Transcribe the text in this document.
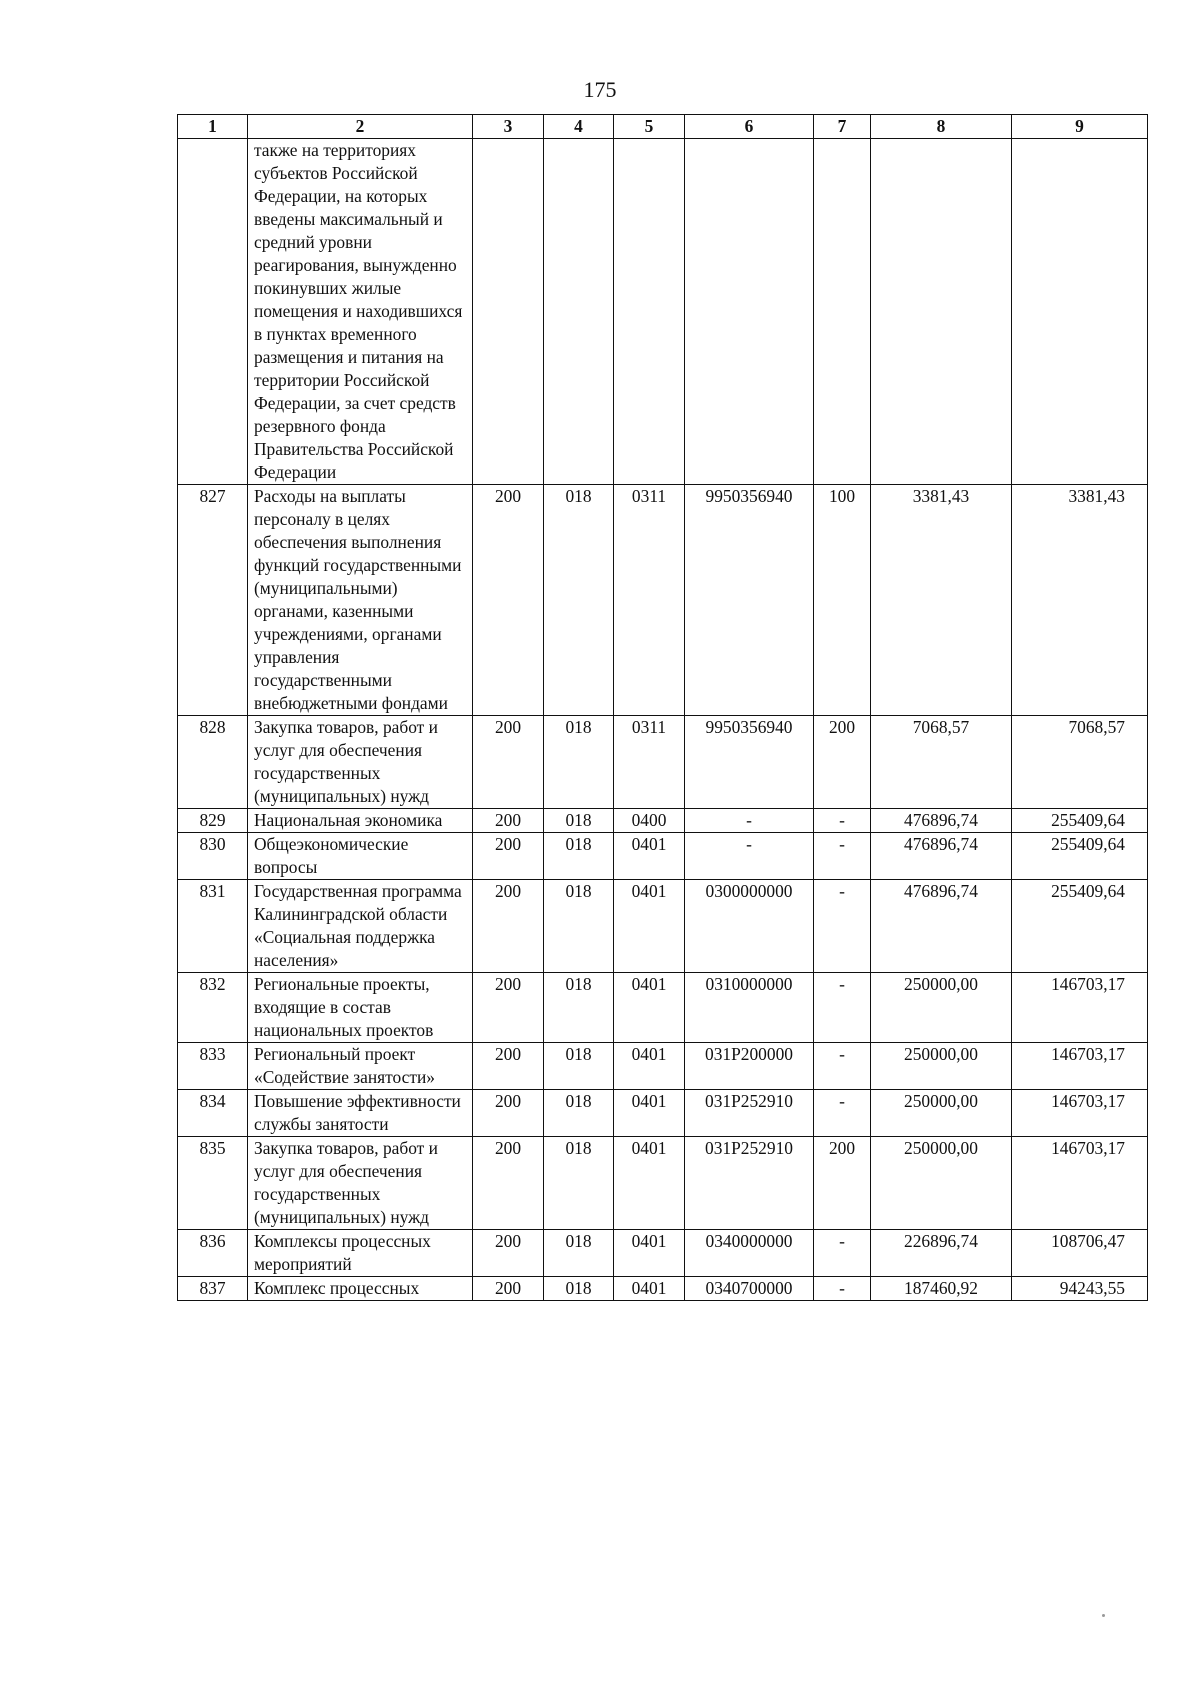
175
1	2	3	4	5	6	7	8	9
	также на территориях субъектов Российской Федерации, на которых введены максимальный и средний уровни реагирования, вынужденно покинувших жилые помещения и находившихся в пунктах временного размещения и питания на территории Российской Федерации, за счет средств резервного фонда Правительства Российской Федерации							
827	Расходы на выплаты персоналу в целях обеспечения выполнения функций государственными (муниципальными) органами, казенными учреждениями, органами управления государственными внебюджетными фондами	200	018	0311	9950356940	100	3381,43	3381,43
828	Закупка товаров, работ и услуг для обеспечения государственных (муниципальных) нужд	200	018	0311	9950356940	200	7068,57	7068,57
829	Национальная экономика	200	018	0400	-	-	476896,74	255409,64
830	Общеэкономические вопросы	200	018	0401	-	-	476896,74	255409,64
831	Государственная программа Калининградской области «Социальная поддержка населения»	200	018	0401	0300000000	-	476896,74	255409,64
832	Региональные проекты, входящие в состав национальных проектов	200	018	0401	0310000000	-	250000,00	146703,17
833	Региональный проект «Содействие занятости»	200	018	0401	031P200000	-	250000,00	146703,17
834	Повышение эффективности службы занятости	200	018	0401	031P252910	-	250000,00	146703,17
835	Закупка товаров, работ и услуг для обеспечения государственных (муниципальных) нужд	200	018	0401	031P252910	200	250000,00	146703,17
836	Комплексы процессных мероприятий	200	018	0401	0340000000	-	226896,74	108706,47
837	Комплекс процессных	200	018	0401	0340700000	-	187460,92	94243,55
